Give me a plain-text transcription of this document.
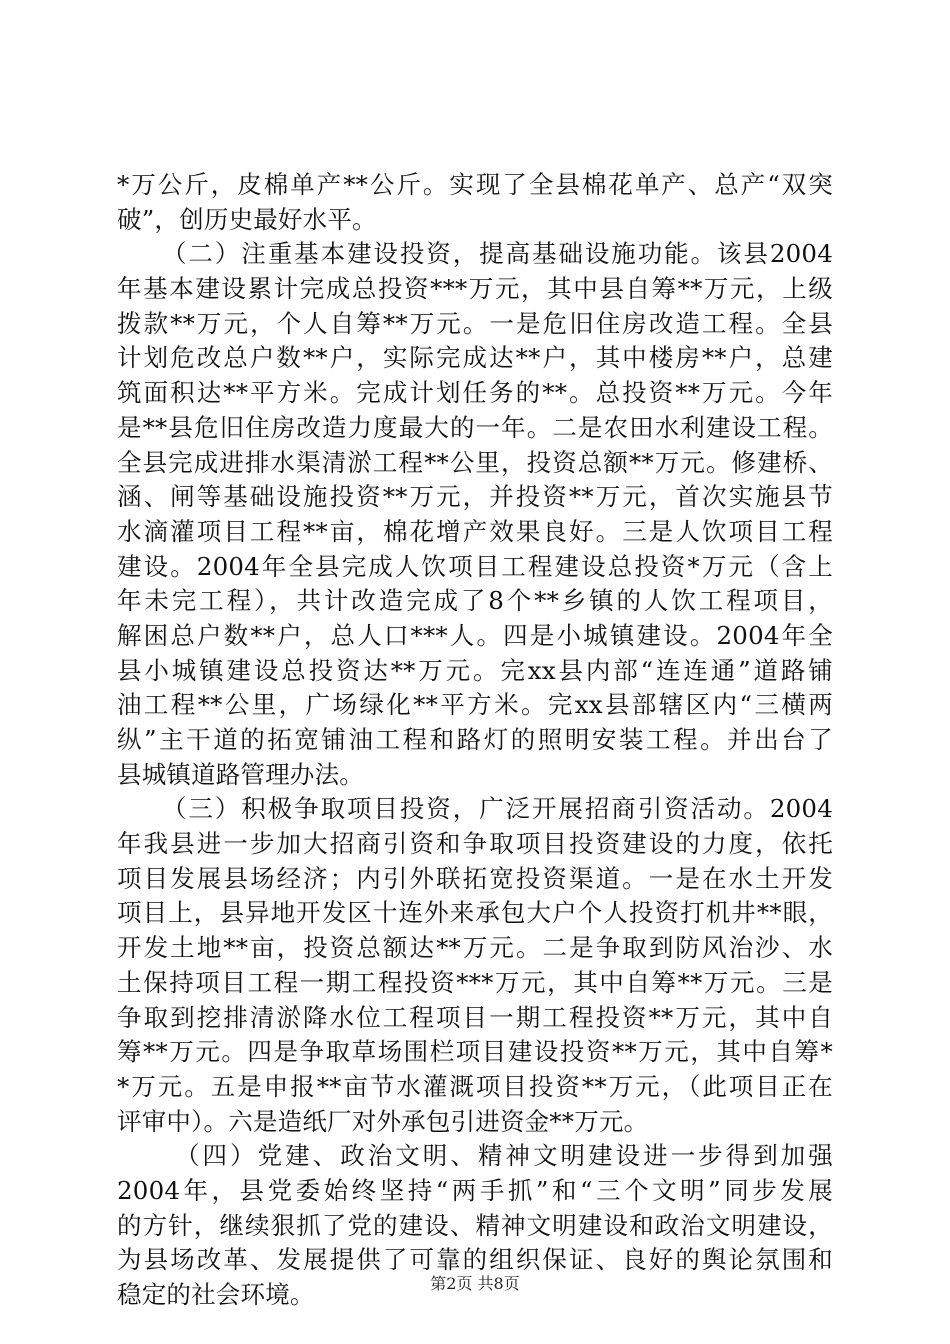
*万公斤，皮棉单产**公斤。实现了全县棉花单产、总产“双突
破”，创历史最好水平。
（二）注重基本建设投资，提高基础设施功能。该县2004
年基本建设累计完成总投资***万元，其中县自筹**万元，上级
拨款**万元，个人自筹**万元。一是危旧住房改造工程。全县
计划危改总户数**户，实际完成达**户，其中楼房**户，总建
筑面积达**平方米。完成计划任务的**。总投资**万元。今年
是**县危旧住房改造力度最大的一年。二是农田水利建设工程。
全县完成进排水渠清淤工程**公里，投资总额**万元。修建桥、
涵、闸等基础设施投资**万元，并投资**万元，首次实施县节
水滴灌项目工程**亩，棉花增产效果良好。三是人饮项目工程
建设。2004年全县完成人饮项目工程建设总投资*万元（含上
年未完工程），共计改造完成了8个**乡镇的人饮工程项目，
解困总户数**户，总人口***人。四是小城镇建设。2004年全
县小城镇建设总投资达**万元。完xx县内部“连连通”道路铺
油工程**公里，广场绿化**平方米。完xx县部辖区内“三横两
纵”主干道的拓宽铺油工程和路灯的照明安装工程。并出台了
县城镇道路管理办法。
（三）积极争取项目投资，广泛开展招商引资活动。2004
年我县进一步加大招商引资和争取项目投资建设的力度，依托
项目发展县场经济；内引外联拓宽投资渠道。一是在水土开发
项目上，县异地开发区十连外来承包大户个人投资打机井**眼，
开发土地**亩，投资总额达**万元。二是争取到防风治沙、水
土保持项目工程一期工程投资***万元，其中自筹**万元。三是
争取到挖排清淤降水位工程项目一期工程投资**万元，其中自
筹**万元。四是争取草场围栏项目建设投资**万元，其中自筹*
*万元。五是申报**亩节水灌溉项目投资**万元，（此项目正在
评审中）。六是造纸厂对外承包引进资金**万元。
（四）党建、政治文明、精神文明建设进一步得到加强
2004年，县党委始终坚持“两手抓”和“三个文明”同步发展
的方针，继续狠抓了党的建设、精神文明建设和政治文明建设，
为县场改革、发展提供了可靠的组织保证、良好的舆论氛围和
稳定的社会环境。	第2页 共8页
